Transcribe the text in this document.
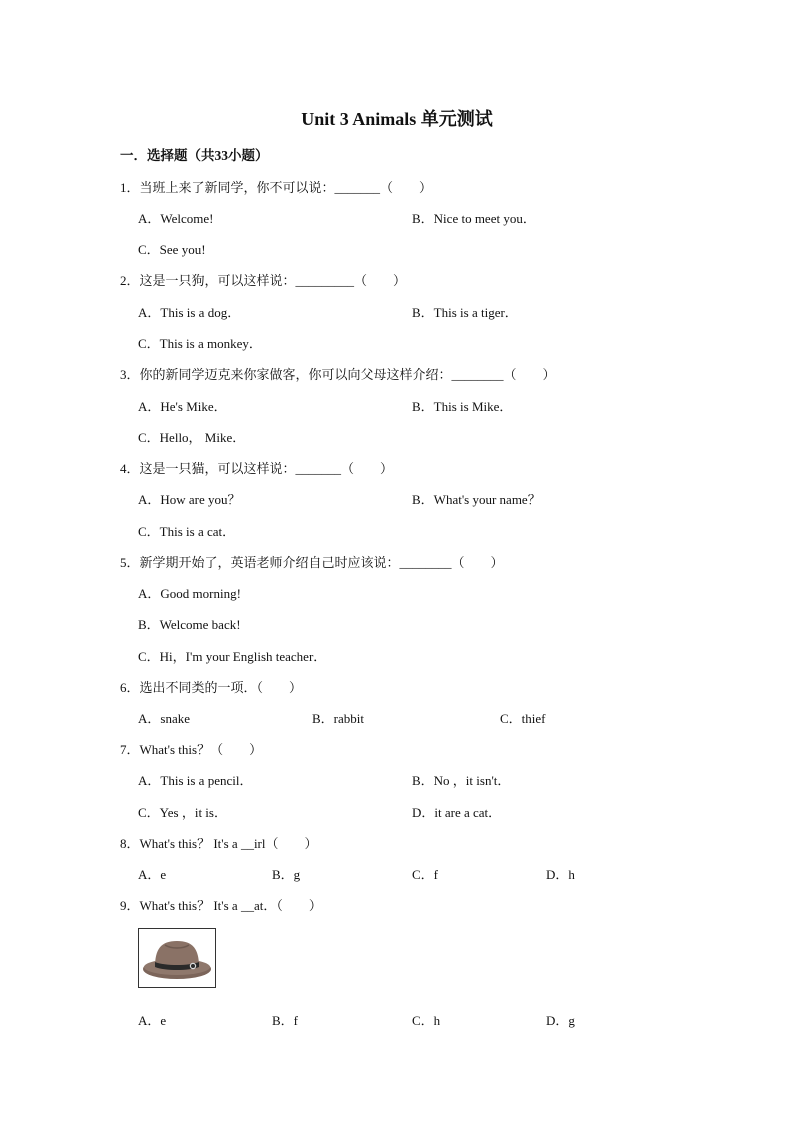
Unit 3 Animals 单元测试
一．选择题（共33小题）
1．当班上来了新同学，你不可以说：_______（　　）
A．Welcome!	B．Nice to meet you．
C．See you!
2．这是一只狗，可以这样说：_________（　　）
A．This is a dog．	B．This is a tiger．
C．This is a monkey．
3．你的新同学迈克来你家做客，你可以向父母这样介绍：________（　　）
A．He's Mike．	B．This is Mike．
C．Hello， Mike．
4．这是一只猫，可以这样说：_______（　　）
A．How are you？	B．What's your name？
C．This is a cat．
5．新学期开始了，英语老师介绍自己时应该说：________（　　）
A．Good morning!
B．Welcome back!
C．Hi，I'm your English teacher．
6．选出不同类的一项．（　　）
A．snake	B．rabbit	C．thief
7．What's this？（　　）
A．This is a pencil．	B．No ，it isn't．
C．Yes ，it is．	D．it are a cat．
8．What's this？ It's a __irl（　　）
A．e	B．g	C．f	D．h
9．What's this？ It's a __at．（　　）
A．e	B．f	C．h	D．g
